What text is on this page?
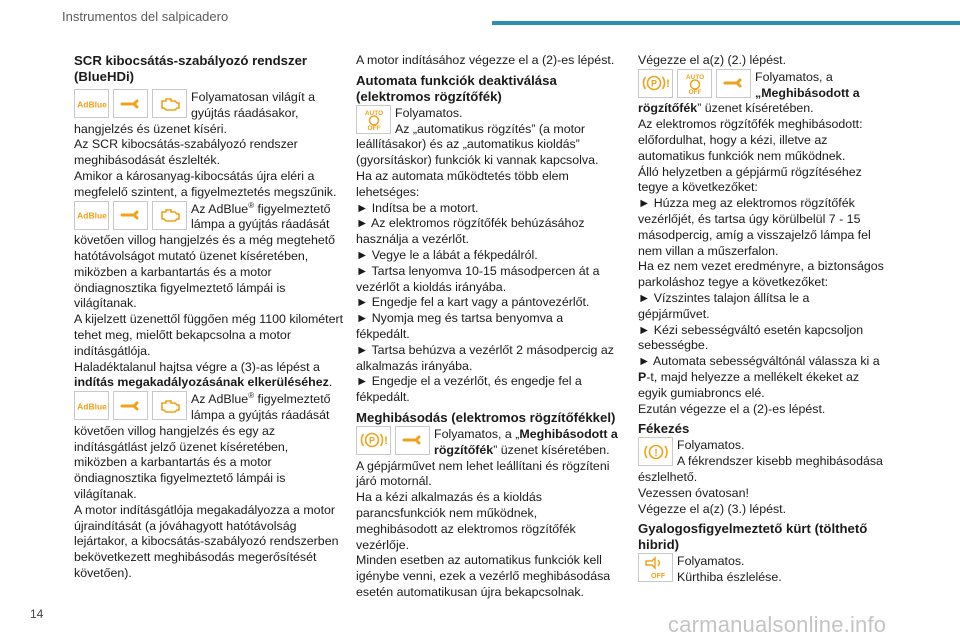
Instrumentos del salpicadero
SCR kibocsátás-szabályozó rendszer (BlueHDi)
AdBlue	Folyamatosan világít a gyújtás ráadásakor,

hangjelzés és üzenet kíséri.

Az SCR kibocsátás-szabályozó rendszer meghibásodását észlelték.

Amikor a károsanyag-kibocsátás újra eléri a megfelelő szintent, a figyelmeztetés megszűnik.

AdBlue	Az AdBlue® figyelmeztető lámpa a gyújtás ráadását

követően villog hangjelzés és a még megtehető hatótávolságot mutató üzenet kíséretében, miközben a karbantartás és a motor öndiagnosztika figyelmeztető lámpái is világítanak.

A kijelzett üzenettől függően még 1100 kilométert tehet meg, mielőtt bekapcsolna a motor indításgátlója.

Haladéktalanul hajtsa végre a (3)-as lépést a indítás megakadályozásának elkerüléséhez.

AdBlue	Az AdBlue® figyelmeztető lámpa a gyújtás ráadását

követően villog hangjelzés és egy az indításgátlást jelző üzenet kíséretében, miközben a karbantartás és a motor öndiagnosztika figyelmeztető lámpái is világítanak.

A motor indításgátlója megakadályozza a motor újraindítását (a jóváhagyott hatótávolság lejártakor, a kibocsátás-szabályozó rendszerben bekövetkezett meghibásodás megerősítését követően).

A motor indításához végezze el a (2)-es lépést.

Automata funkciók deaktiválása (elektromos rögzítőfék)
AUTO
OFF
Folyamatos.
Az „automatikus rögzítés” (a motor

leállításakor) és az „automatikus kioldás” (gyorsításkor) funkciók ki vannak kapcsolva.

Ha az automata működtetés több elem lehetséges:

► Indítsa be a motort.

► Az elektromos rögzítőfék behúzásához használja a vezérlőt.

► Vegye le a lábát a fékpedálról.

► Tartsa lenyomva 10-15 másodpercen át a vezérlőt a kioldás irányába.

► Engedje fel a kart vagy a pántovezérlőt.

► Nyomja meg és tartsa benyomva a fékpedált.

► Tartsa behúzva a vezérlőt 2 másodpercig az alkalmazás irányába.

► Engedje el a vezérlőt, és engedje fel a fékpedált.

Meghibásodás (elektromos rögzítőfékkel)
P !
Folyamatos, a „Meghibásodott a rögzítőfék” üzenet kíséretében.

A gépjárművet nem lehet leállítani és rögzíteni járó motornál.

Ha a kézi alkalmazás és a kioldás parancsfunkciók nem működnek, meghibásodott az elektromos rögzítőfék vezérlője.

Minden esetben az automatikus funkciók kell igénybe venni, ezek a vezérlő meghibásodása esetén automatikusan újra bekapcsolnak.

Végezze el a(z) (2.) lépést.

P !
AUTO
OFF
Folyamatos, a
„Meghibásodott a

rögzítőfék” üzenet kíséretében.

Az elektromos rögzítőfék meghibásodott: előfordulhat, hogy a kézi, illetve az automatikus funkciók nem működnek.

Álló helyzetben a gépjármű rögzítéséhez tegye a következőket:

► Húzza meg az elektromos rögzítőfék vezérlőjét, és tartsa úgy körülbelül 7 - 15 másodpercig, amíg a visszajelző lámpa fel nem villan a műszerfalon.

Ha ez nem vezet eredményre, a biztonságos parkoláshoz tegye a következőket:

► Vízszintes talajon állítsa le a gépjárművet.

► Kézi sebességváltó esetén kapcsoljon sebességbe.

► Automata sebességváltónál válassza ki a P-t, majd helyezze a mellékelt ékeket az egyik gumiabroncs elé.

Ezután végezze el a (2)-es lépést.

Fékezés
!
Folyamatos.
A fékrendszer kisebb meghibásodása

észlelhető.

Vezessen óvatosan!

Végezze el a(z) (3.) lépést.

Gyalogosfigyelmeztető kürt (tölthető hibrid)
OFF
Folyamatos.
Kürthiba észlelése.
14	carmanualsonline.info
